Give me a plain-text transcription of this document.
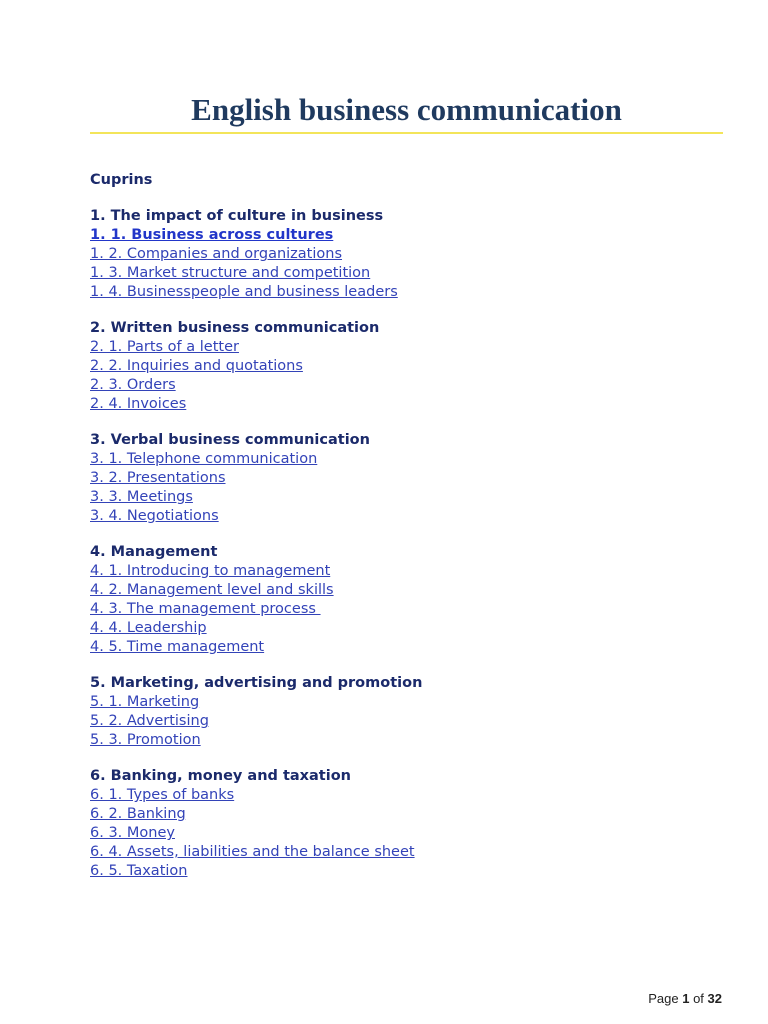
English business communication
Cuprins
1. The impact of culture in business
1. 1. Business across cultures
1. 2. Companies and organizations
1. 3. Market structure and competition
1. 4. Businesspeople and business leaders
2. Written business communication
2. 1. Parts of a letter
2. 2. Inquiries and quotations
2. 3. Orders
2. 4. Invoices
3. Verbal business communication
3. 1. Telephone communication
3. 2. Presentations
3. 3. Meetings
3. 4. Negotiations
4. Management
4. 1. Introducing to management
4. 2. Management level and skills
4. 3. The management process
4. 4. Leadership
4. 5. Time management
5. Marketing, advertising and promotion
5. 1. Marketing
5. 2. Advertising
5. 3. Promotion
6. Banking, money and taxation
6. 1. Types of banks
6. 2. Banking
6. 3. Money
6. 4. Assets, liabilities and the balance sheet
6. 5. Taxation
Page 1 of 32
